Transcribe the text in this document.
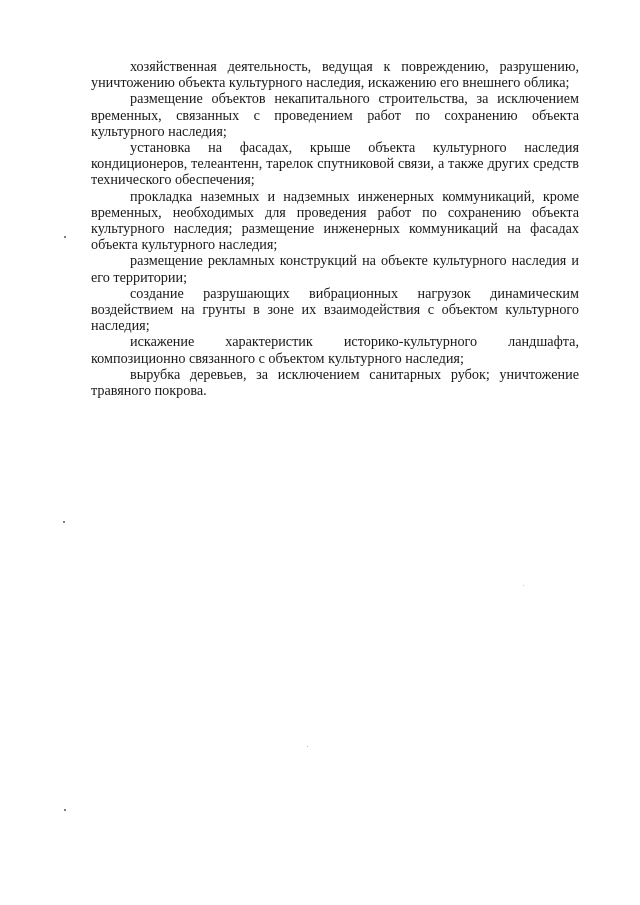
хозяйственная деятельность, ведущая к повреждению, разрушению, уничтожению объекта культурного наследия, искажению его внешнего облика;

размещение объектов некапитального строительства, за исключением временных, связанных с проведением работ по сохранению объекта культурного наследия;

установка на фасадах, крыше объекта культурного наследия кондиционеров, телеантенн, тарелок спутниковой связи, а также других средств технического обеспечения;

прокладка наземных и надземных инженерных коммуникаций, кроме временных, необходимых для проведения работ по сохранению объекта культурного наследия; размещение инженерных коммуникаций на фасадах объекта культурного наследия;

размещение рекламных конструкций на объекте культурного наследия и его территории;

создание разрушающих вибрационных нагрузок динамическим воздействием на грунты в зоне их взаимодействия с объектом культурного наследия;

искажение характеристик историко-культурного ландшафта, композиционно связанного с объектом культурного наследия;

вырубка деревьев, за исключением санитарных рубок; уничтожение травяного покрова.
